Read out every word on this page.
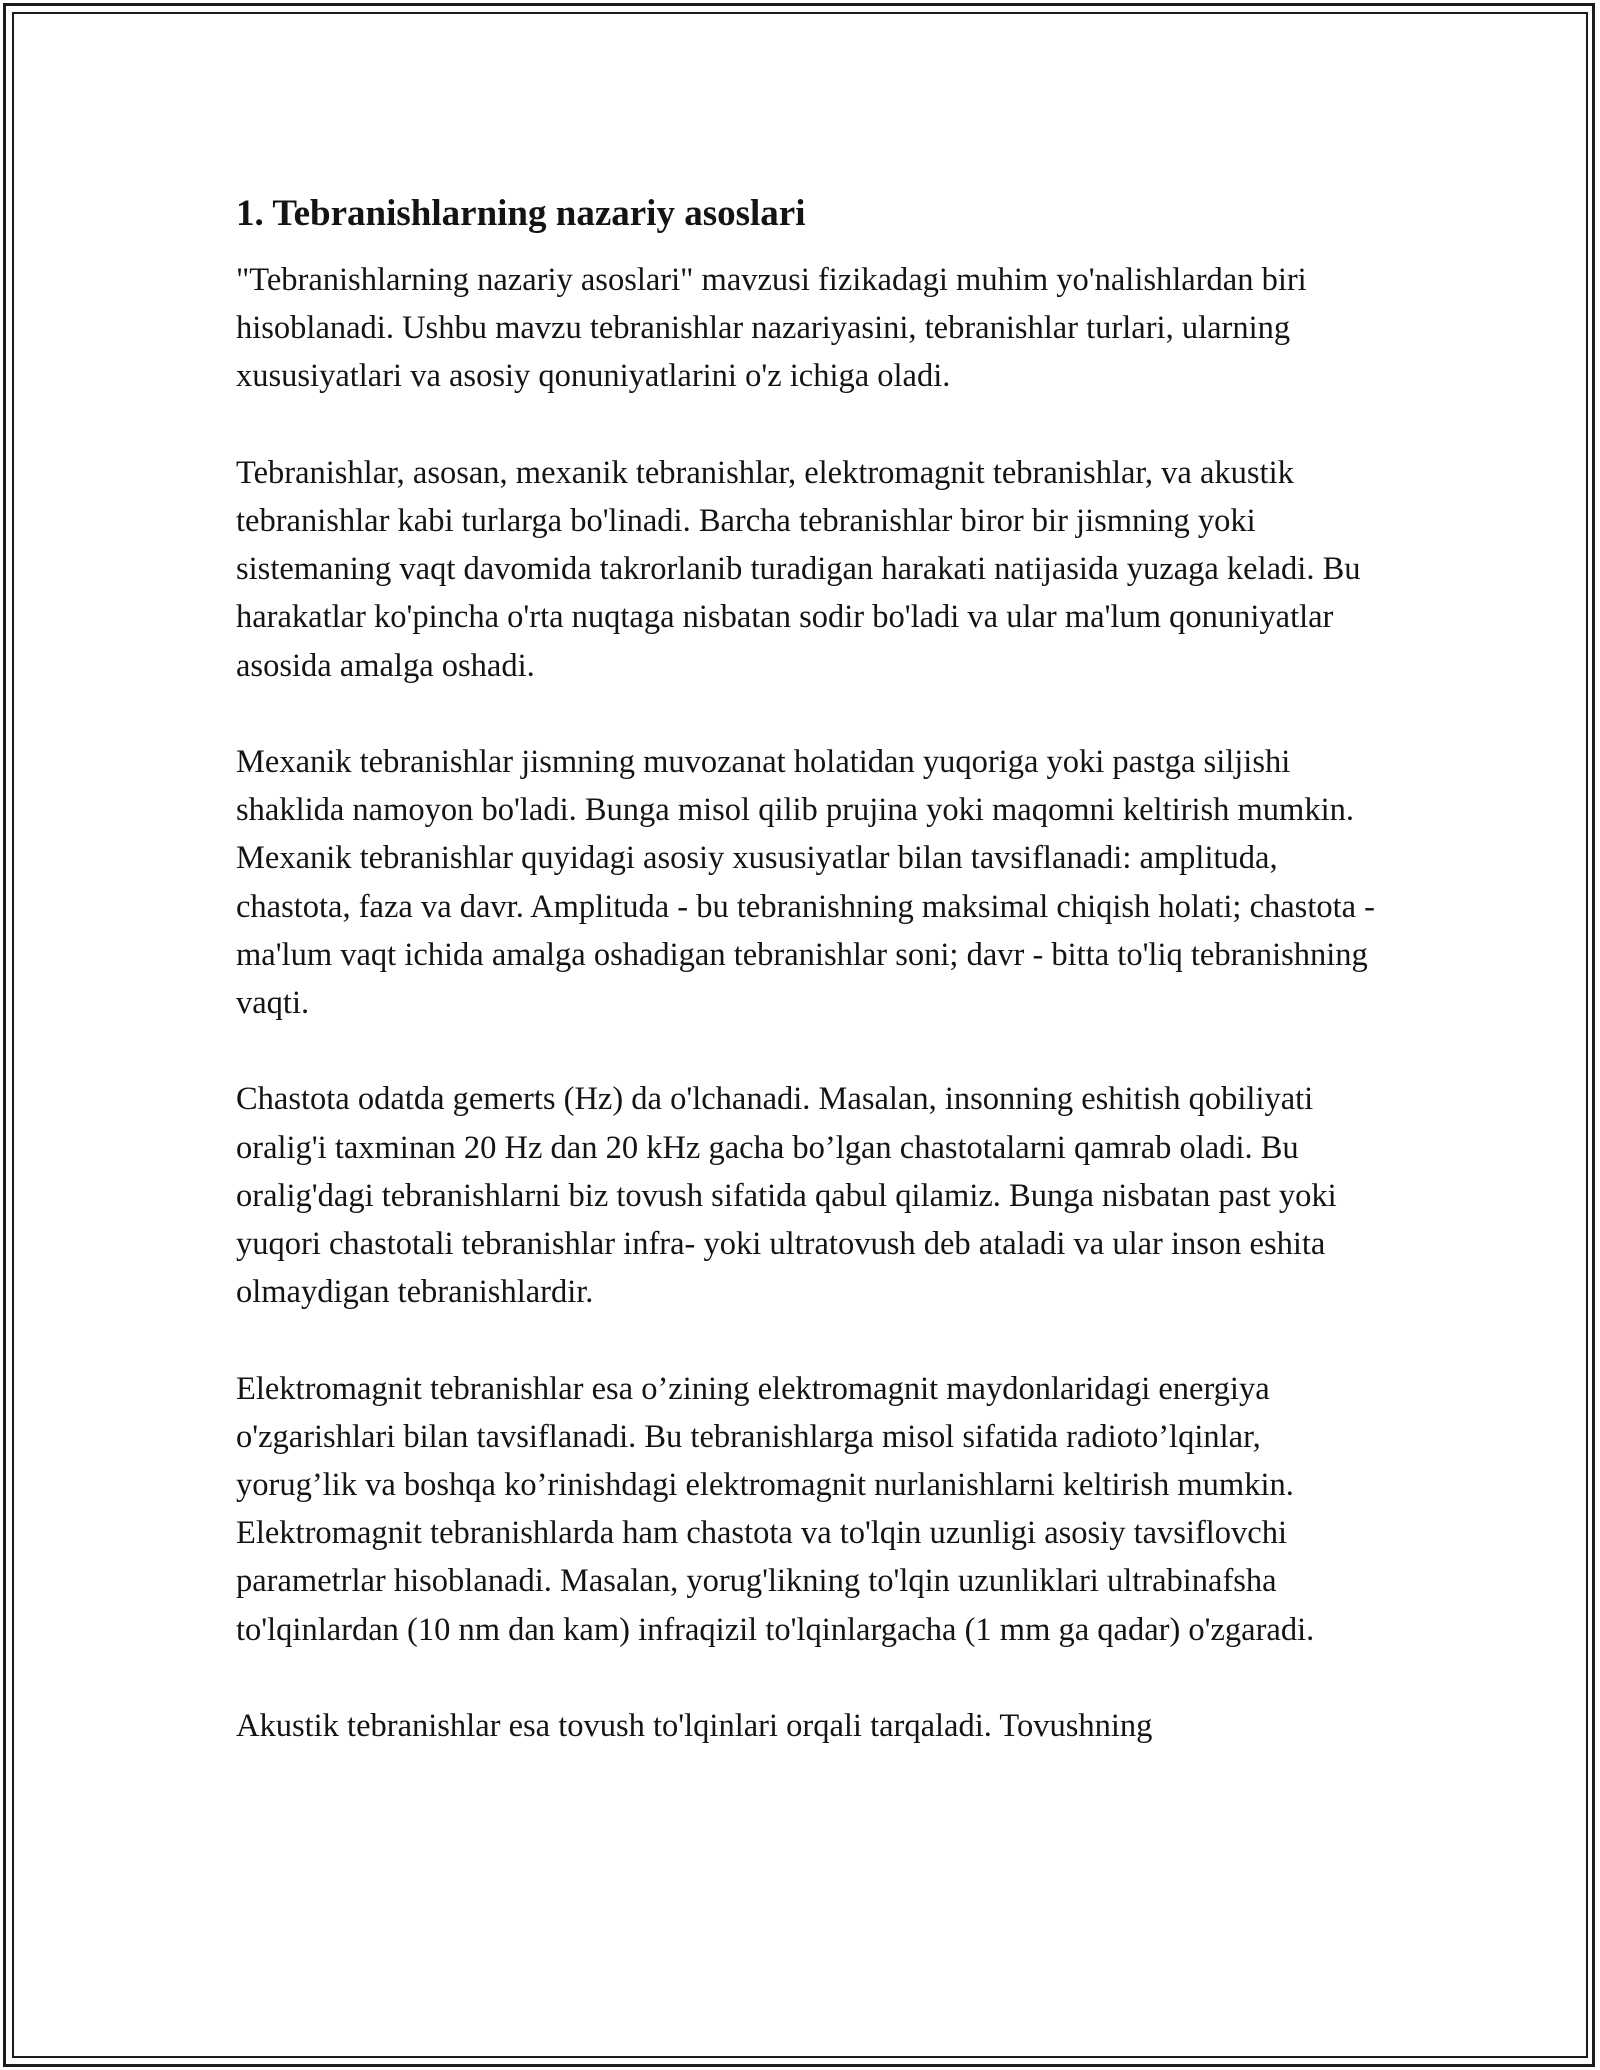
1. Tebranishlarning nazariy asoslari

"Tebranishlarning nazariy asoslari" mavzusi fizikadagi muhim yo'nalishlardan biri hisoblanadi. Ushbu mavzu tebranishlar nazariyasini, tebranishlar turlari, ularning xususiyatlari va asosiy qonuniyatlarini o'z ichiga oladi.

Tebranishlar, asosan, mexanik tebranishlar, elektromagnit tebranishlar, va akustik tebranishlar kabi turlarga bo'linadi. Barcha tebranishlar biror bir jismning yoki sistemaning vaqt davomida takrorlanib turadigan harakati natijasida yuzaga keladi. Bu harakatlar ko'pincha o'rta nuqtaga nisbatan sodir bo'ladi va ular ma'lum qonuniyatlar asosida amalga oshadi.

Mexanik tebranishlar jismning muvozanat holatidan yuqoriga yoki pastga siljishi shaklida namoyon bo'ladi. Bunga misol qilib prujina yoki maqomni keltirish mumkin. Mexanik tebranishlar quyidagi asosiy xususiyatlar bilan tavsiflanadi: amplituda, chastota, faza va davr. Amplituda - bu tebranishning maksimal chiqish holati; chastota - ma'lum vaqt ichida amalga oshadigan tebranishlar soni; davr - bitta to'liq tebranishning vaqti.

Chastota odatda gemerts (Hz) da o'lchanadi. Masalan, insonning eshitish qobiliyati oralig'i taxminan 20 Hz dan 20 kHz gacha bo’lgan chastotalarni qamrab oladi. Bu oralig'dagi tebranishlarni biz tovush sifatida qabul qilamiz. Bunga nisbatan past yoki yuqori chastotali tebranishlar infra- yoki ultratovush deb ataladi va ular inson eshita olmaydigan tebranishlardir.

Elektromagnit tebranishlar esa o’zining elektromagnit maydonlaridagi energiya o'zgarishlari bilan tavsiflanadi. Bu tebranishlarga misol sifatida radioto’lqinlar, yorug’lik va boshqa ko’rinishdagi elektromagnit nurlanishlarni keltirish mumkin. Elektromagnit tebranishlarda ham chastota va to'lqin uzunligi asosiy tavsiflovchi parametrlar hisoblanadi. Masalan, yorug'likning to'lqin uzunliklari ultrabinafsha to'lqinlardan (10 nm dan kam) infraqizil to'lqinlargacha (1 mm ga qadar) o'zgaradi.

Akustik tebranishlar esa tovush to'lqinlari orqali tarqaladi. Tovushning
